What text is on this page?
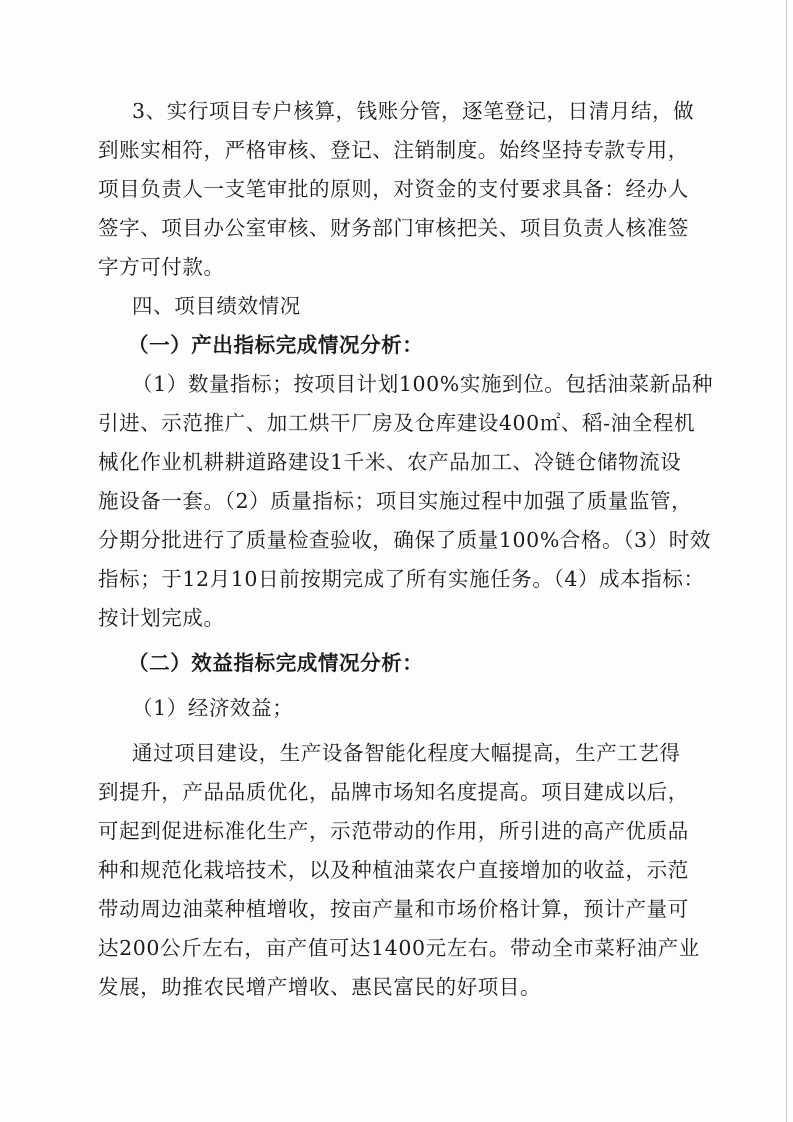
3、实行项目专户核算，钱账分管，逐笔登记，日清月结，做
到账实相符，严格审核、登记、注销制度。始终坚持专款专用，
项目负责人一支笔审批的原则，对资金的支付要求具备：经办人
签字、项目办公室审核、财务部门审核把关、项目负责人核准签
字方可付款。
四、项目绩效情况
（一）产出指标完成情况分析：
（1）数量指标；按项目计划100%实施到位。包括油菜新品种
引进、示范推广、加工烘干厂房及仓库建设400㎡、稻-油全程机
械化作业机耕耕道路建设1千米、农产品加工、冷链仓储物流设
施设备一套。（2）质量指标；项目实施过程中加强了质量监管，
分期分批进行了质量检查验收，确保了质量100%合格。（3）时效
指标；于12月10日前按期完成了所有实施任务。（4）成本指标：
按计划完成。
（二）效益指标完成情况分析：
（1）经济效益；
通过项目建设，生产设备智能化程度大幅提高，生产工艺得
到提升，产品品质优化，品牌市场知名度提高。项目建成以后，
可起到促进标准化生产，示范带动的作用，所引进的高产优质品
种和规范化栽培技术，以及种植油菜农户直接增加的收益，示范
带动周边油菜种植增收，按亩产量和市场价格计算，预计产量可
达200公斤左右，亩产值可达1400元左右。带动全市菜籽油产业
发展，助推农民增产增收、惠民富民的好项目。
